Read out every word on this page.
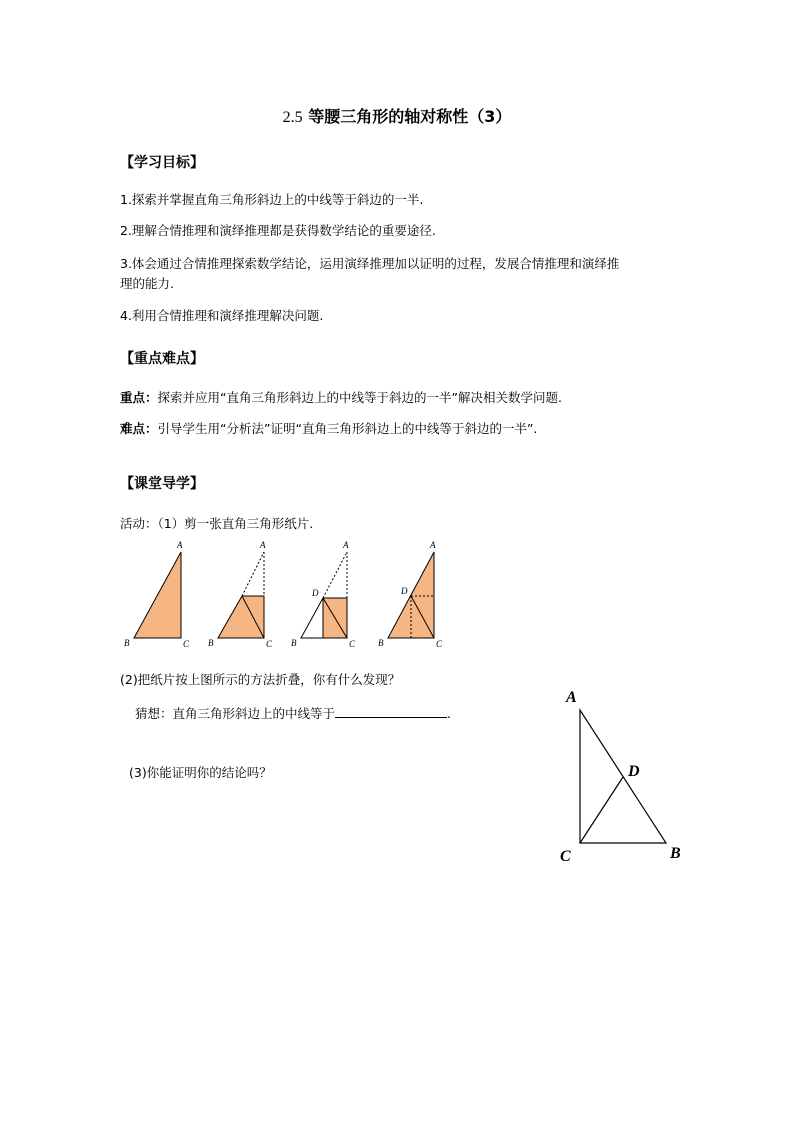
2.5 等腰三角形的轴对称性（3）
【学习目标】
1.探索并掌握直角三角形斜边上的中线等于斜边的一半.
2.理解合情推理和演绎推理都是获得数学结论的重要途径.
3.体会通过合情推理探索数学结论，运用演绎推理加以证明的过程，发展合情推理和演绎推
理的能力.
4.利用合情推理和演绎推理解决问题.
【重点难点】
重点：探索并应用“直角三角形斜边上的中线等于斜边的一半”解决相关数学问题.
难点：引导学生用“分析法”证明“直角三角形斜边上的中线等于斜边的一半”.
【课堂导学】
活动：（1）剪一张直角三角形纸片.
A
B	C
A
B	C
A
D
B	C
A
D
B	C
A
D
C	B
(2)把纸片按上图所示的方法折叠，你有什么发现？
猜想：直角三角形斜边上的中线等于	.
(3)你能证明你的结论吗？
